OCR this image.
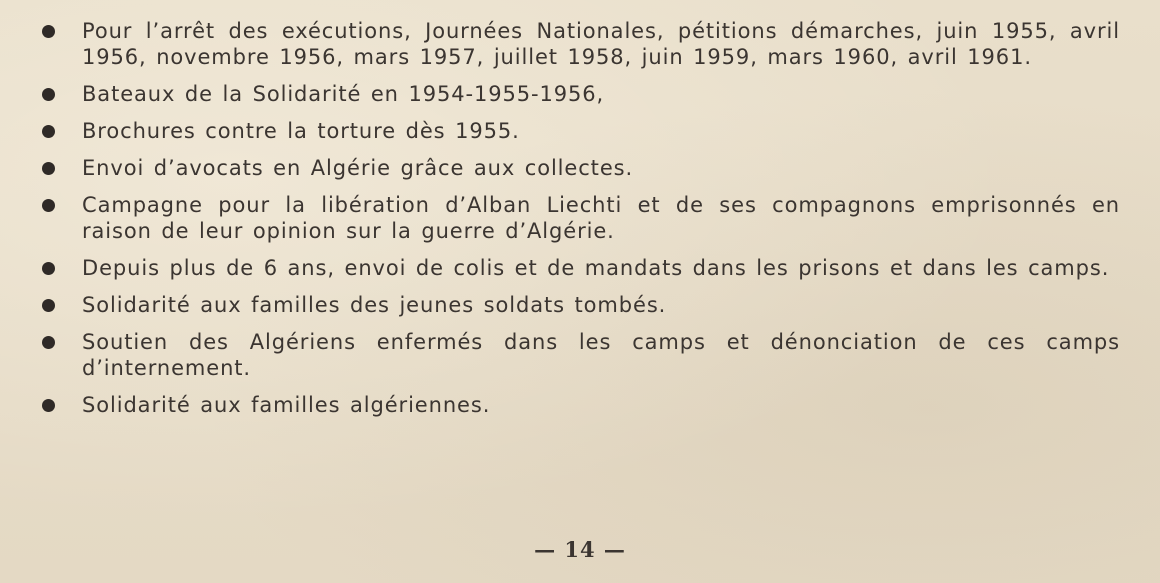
Pour l’arrêt des exécutions, Journées Nationales, pétitions démarches, juin 1955, avril 1956, novembre 1956, mars 1957, juillet 1958, juin 1959, mars 1960, avril 1961.
Bateaux de la Solidarité en 1954-1955-1956,
Brochures contre la torture dès 1955.
Envoi d’avocats en Algérie grâce aux collectes.
Campagne pour la libération d’Alban Liechti et de ses compagnons emprisonnés en raison de leur opinion sur la guerre d’Algérie.
Depuis plus de 6 ans, envoi de colis et de mandats dans les prisons et dans les camps.
Solidarité aux familles des jeunes soldats tombés.
Soutien des Algériens enfermés dans les camps et dénonciation de ces camps d’internement.
Solidarité aux familles algériennes.
— 14 —
